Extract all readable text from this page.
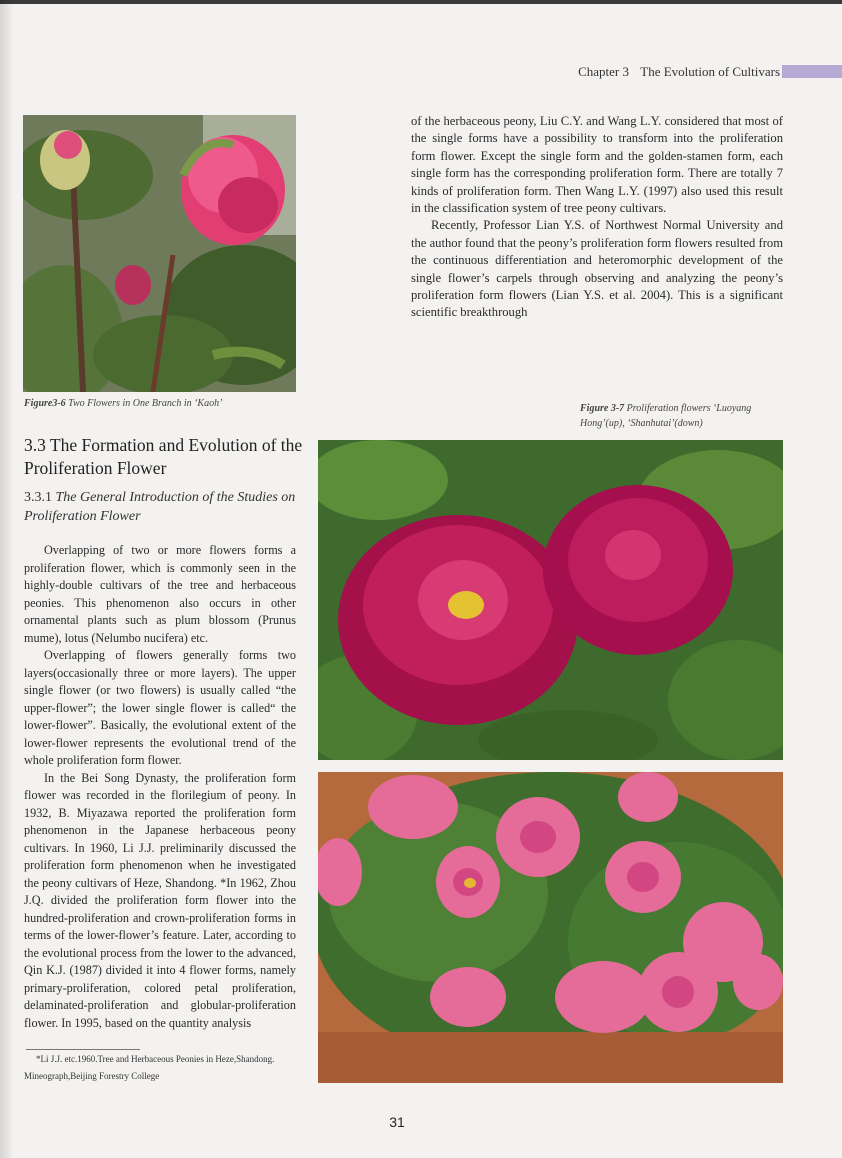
Chapter 3 The Evolution of Cultivars
Figure3-6 Two Flowers in One Branch in ‘Kaoh’	Figure 3-7 Proliferation flowers ‘Luoyang Hong’(up), ‘Shanhutai’(down)

of the herbaceous peony, Liu C.Y. and Wang L.Y. considered that most of the single forms have a possibility to transform into the proliferation form flower. Except the single form and the golden-stamen form, each single form has the corresponding proliferation form. There are totally 7 kinds of proliferation form. Then Wang L.Y. (1997) also used this result in the classification system of tree peony cultivars.

Recently, Professor Lian Y.S. of Northwest Normal University and the author found that the peony’s proliferation form flowers resulted from the continuous differentiation and heteromorphic development of the single flower’s carpels through observing and analyzing the peony’s proliferation form flowers (Lian Y.S. et al. 2004). This is a significant scientific breakthrough

3.3 The Formation and Evolution of the Proliferation Flower
3.3.1 The General Introduction of the Studies on Proliferation Flower

Overlapping of two or more flowers forms a proliferation flower, which is commonly seen in the highly-double cultivars of the tree and herbaceous peonies. This phenomenon also occurs in other ornamental plants such as plum blossom (Prunus mume), lotus (Nelumbo nucifera) etc.

Overlapping of flowers generally forms two layers(occasionally three or more layers). The upper single flower (or two flowers) is usually called “the upper-flower”; the lower single flower is called“ the lower-flower”. Basically, the evolutional extent of the lower-flower represents the evolutional trend of the whole proliferation form flower.

In the Bei Song Dynasty, the proliferation form flower was recorded in the florilegium of peony. In 1932, B. Miyazawa reported the proliferation form phenomenon in the Japanese herbaceous peony cultivars. In 1960, Li J.J. preliminarily discussed the proliferation form phenomenon when he investigated the peony cultivars of Heze, Shandong. *In 1962, Zhou J.Q. divided the proliferation form flower into the hundred-proliferation and crown-proliferation forms in terms of the lower-flower’s feature. Later, according to the evolutional process from the lower to the advanced, Qin K.J. (1987) divided it into 4 flower forms, namely primary-proliferation, colored petal proliferation, delaminated-proliferation and globular-proliferation flower. In 1995, based on the quantity analysis

*Li J.J. etc.1960.Tree and Herbaceous Peonies in Heze,Shandong. Mineograph,Beijing Forestry College
31
